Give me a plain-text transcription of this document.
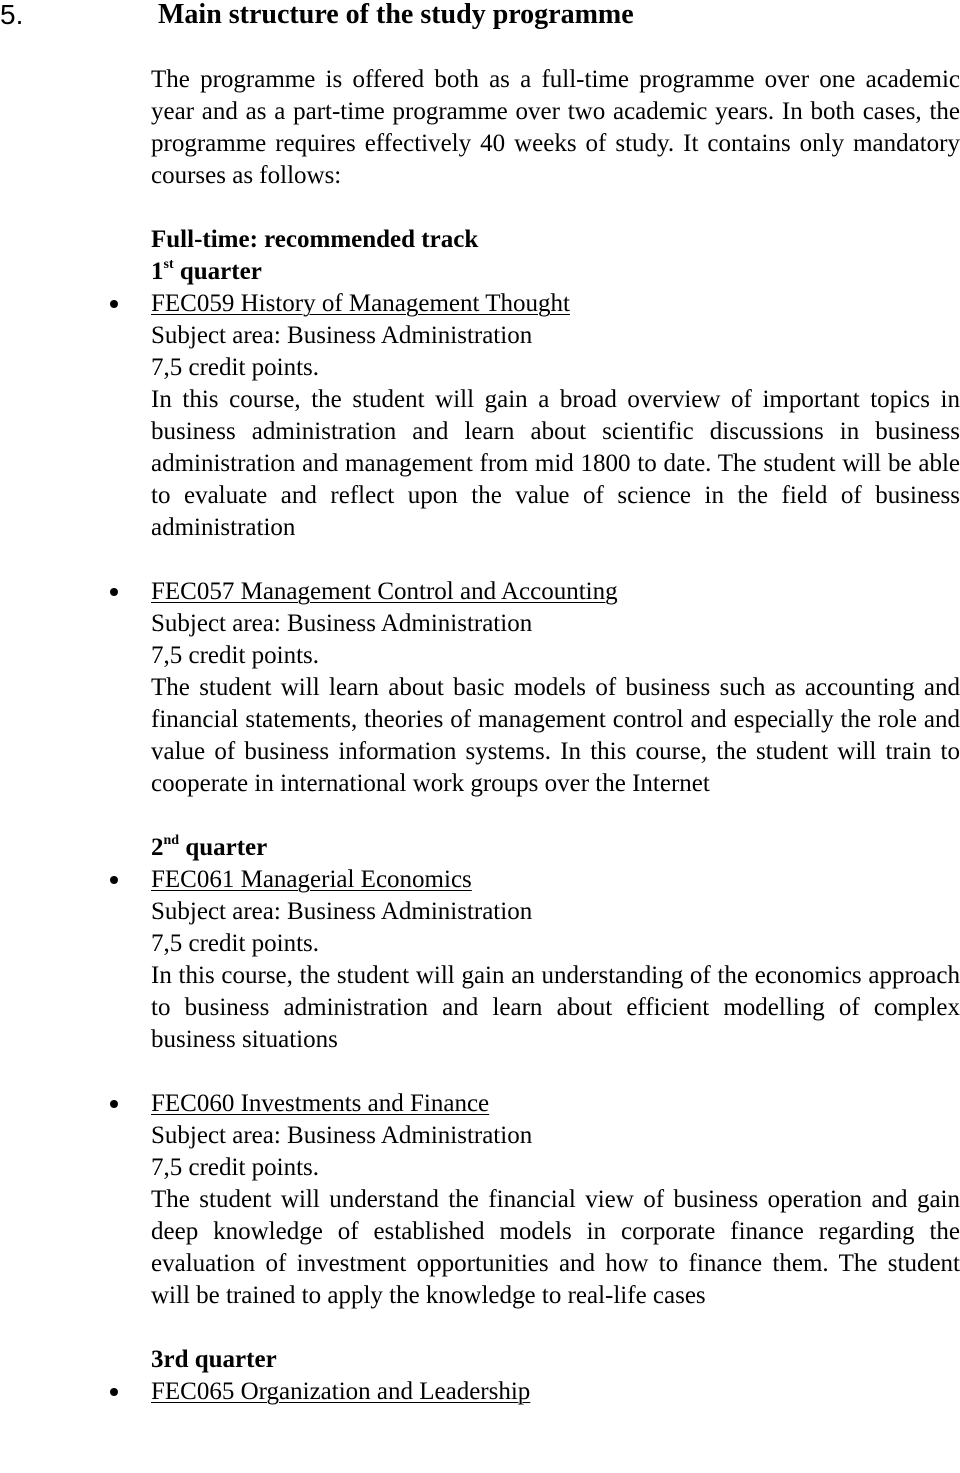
5.	Main structure of the study programme

The programme is offered both as a full-time programme over one academic year and as a part-time programme over two academic years. In both cases, the programme requires effectively 40 weeks of study. It contains only mandatory courses as follows:

Full-time: recommended track
1st quarter
FEC059 History of Management Thought
Subject area: Business Administration
7,5 credit points.

In this course, the student will gain a broad overview of important topics in business administration and learn about scientific discussions in business administration and management from mid 1800 to date. The student will be able to evaluate and reflect upon the value of science in the field of business administration

FEC057 Management Control and Accounting
Subject area: Business Administration
7,5 credit points.

The student will learn about basic models of business such as accounting and financial statements, theories of management control and especially the role and value of business information systems. In this course, the student will train to cooperate in international work groups over the Internet

2nd quarter
FEC061 Managerial Economics
Subject area: Business Administration
7,5 credit points.

In this course, the student will gain an understanding of the economics approach to business administration and learn about efficient modelling of complex business situations

FEC060 Investments and Finance
Subject area: Business Administration
7,5 credit points.

The student will understand the financial view of business operation and gain deep knowledge of established models in corporate finance regarding the evaluation of investment opportunities and how to finance them. The student will be trained to apply the knowledge to real-life cases

3rd quarter
FEC065 Organization and Leadership
